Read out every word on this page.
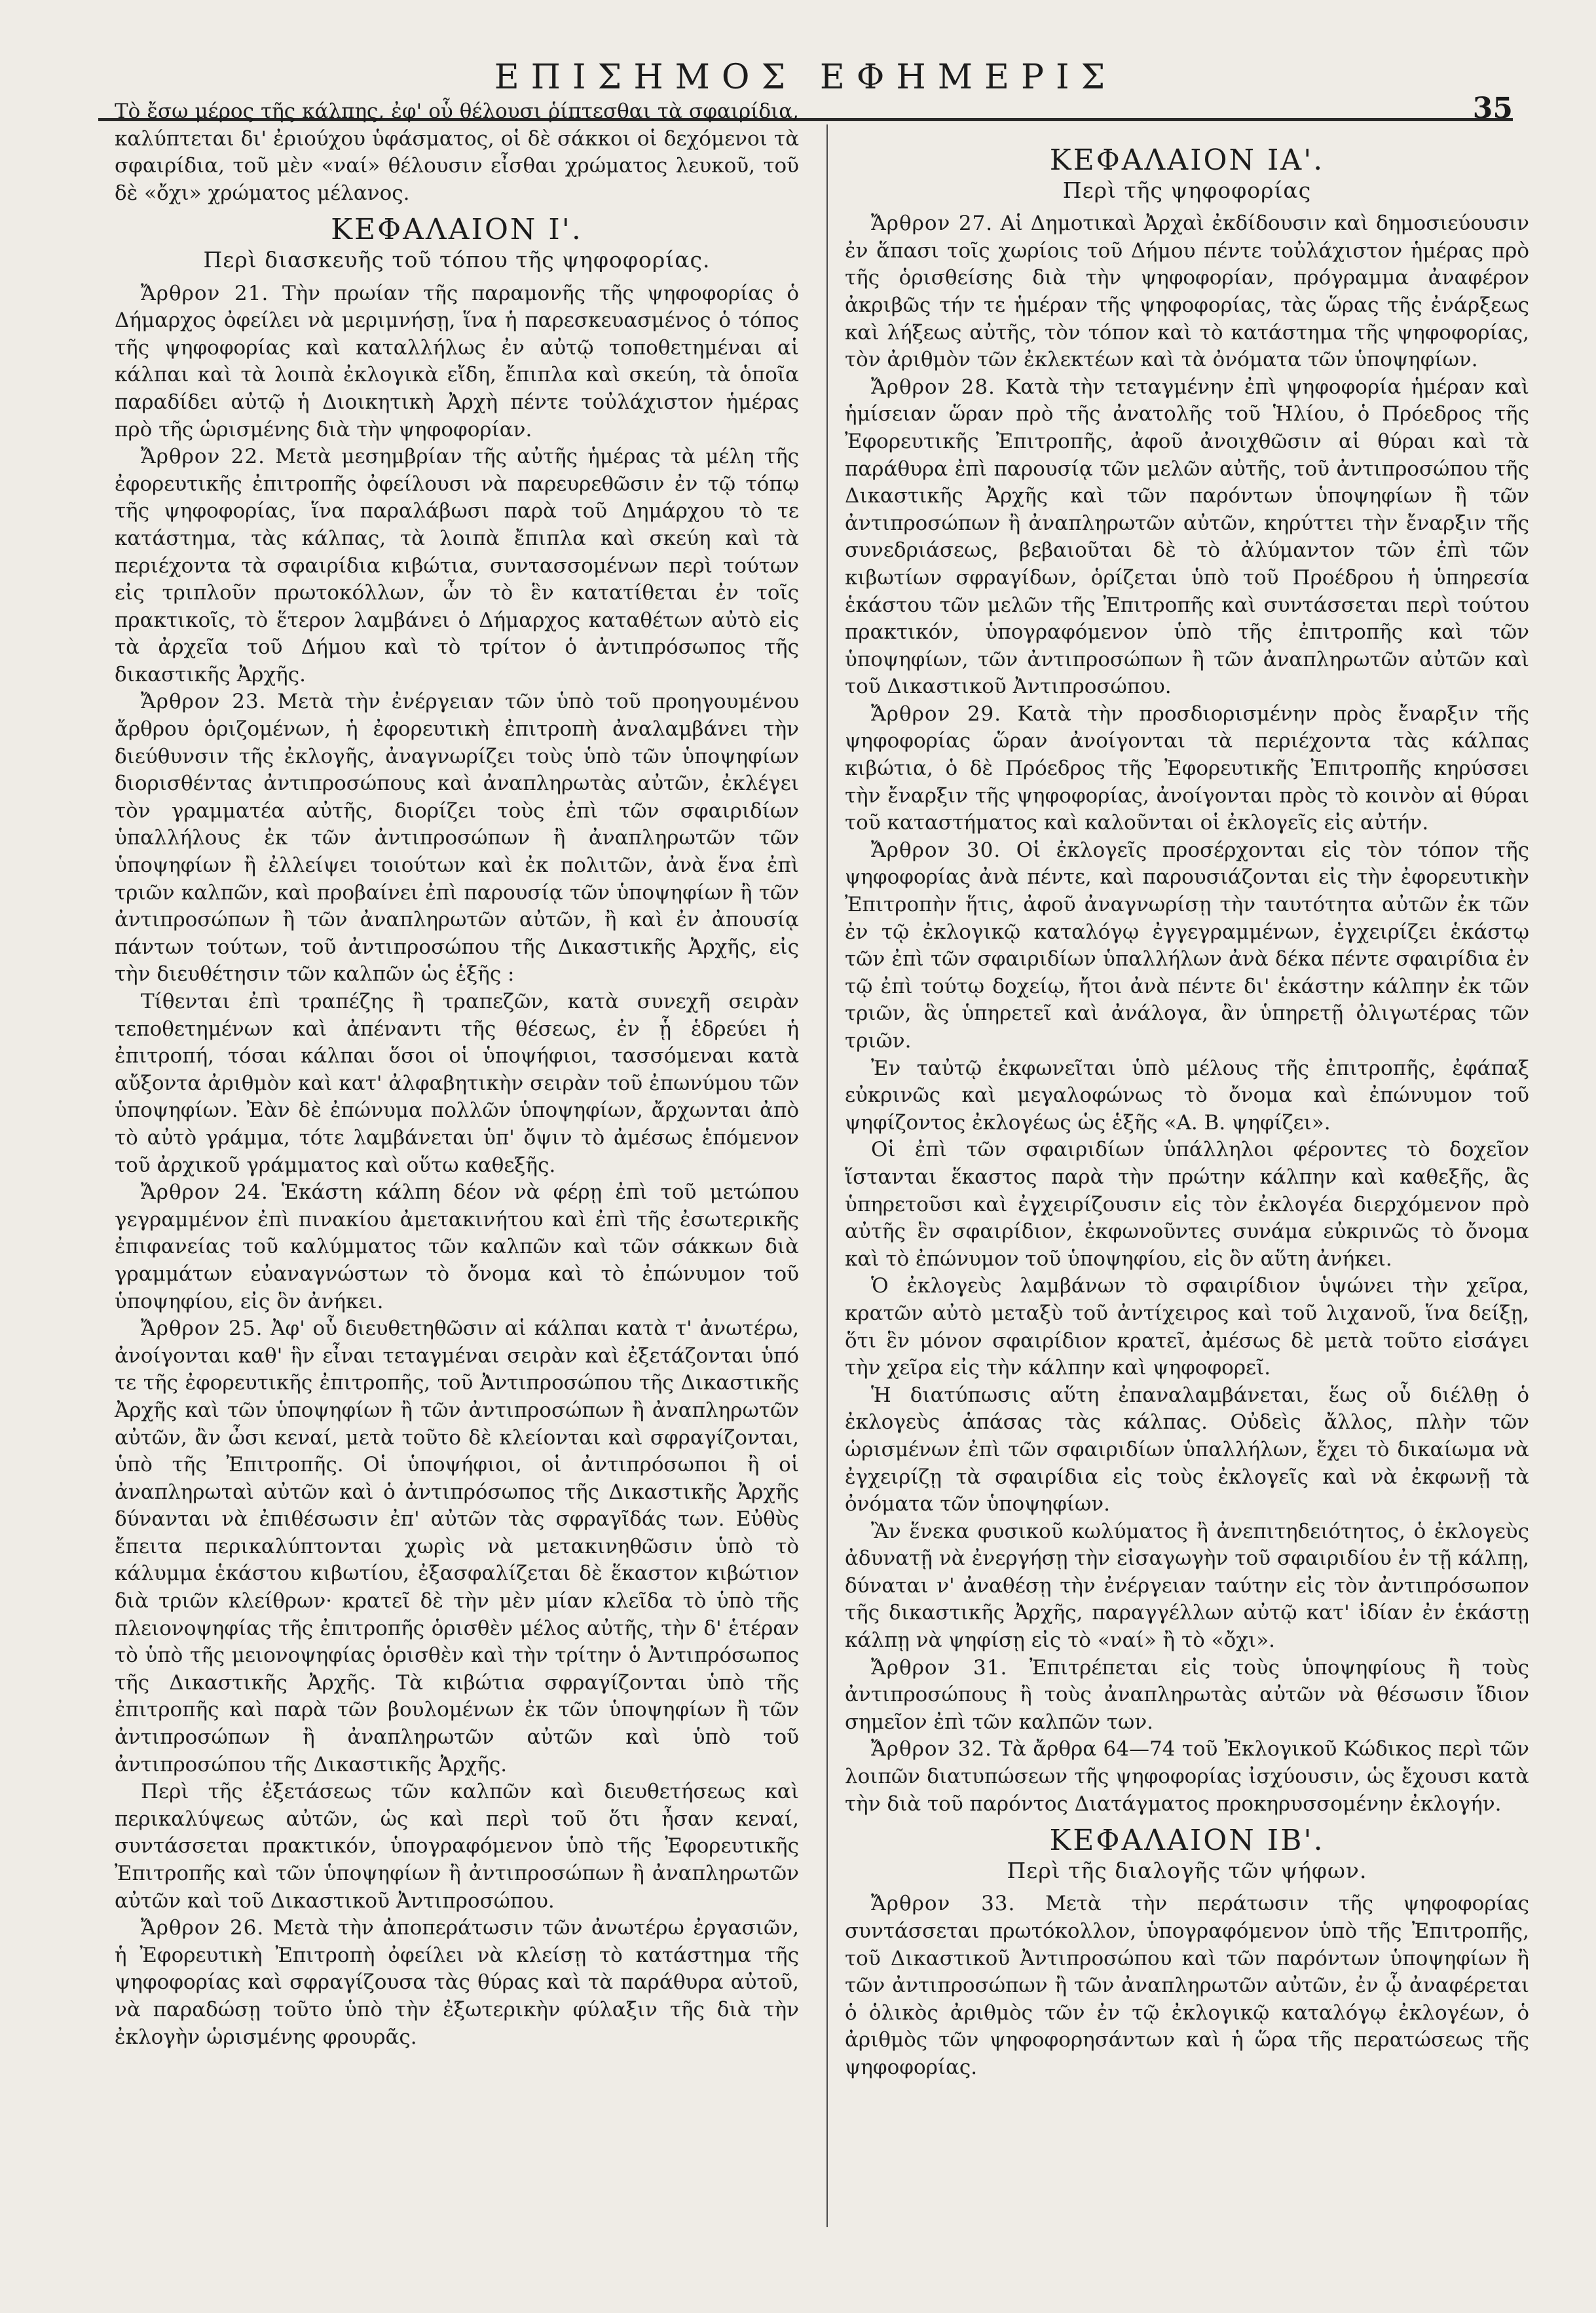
ΕΠΙΣΗΜΟΣ ΕΦΗΜΕΡΙΣ
35

Τὸ ἔσω μέρος τῆς κάλπης, ἐφ' οὗ θέλουσι ῥίπτεσθαι τὰ σφαιρίδια, καλύπτεται δι' ἐριούχου ὑφάσματος, οἱ δὲ σάκκοι οἱ δεχόμενοι τὰ σφαιρίδια, τοῦ μὲν «ναί» θέλουσιν εἶσθαι χρώματος λευκοῦ, τοῦ δὲ «ὄχι» χρώματος μέλανος.

ΚΕΦΑΛΑΙΟΝ Ι'.
Περὶ διασκευῆς τοῦ τόπου τῆς ψηφοφορίας.

Ἄρθρον 21. Τὴν πρωίαν τῆς παραμονῆς τῆς ψηφοφορίας ὁ Δήμαρχος ὀφείλει νὰ μεριμνήσῃ, ἵνα ἡ παρεσκευασμένος ὁ τόπος τῆς ψηφοφορίας καὶ καταλλήλως ἐν αὐτῷ τοποθετημέναι αἱ κάλπαι καὶ τὰ λοιπὰ ἐκλογικὰ εἴδη, ἔπιπλα καὶ σκεύη, τὰ ὁποῖα παραδίδει αὐτῷ ἡ Διοικητικὴ Ἀρχὴ πέντε τοὐλάχιστον ἡμέρας πρὸ τῆς ὡρισμένης διὰ τὴν ψηφοφορίαν.

Ἄρθρον 22. Μετὰ μεσημβρίαν τῆς αὐτῆς ἡμέρας τὰ μέλη τῆς ἐφορευτικῆς ἐπιτροπῆς ὀφείλουσι νὰ παρευρεθῶσιν ἐν τῷ τόπῳ τῆς ψηφοφορίας, ἵνα παραλάβωσι παρὰ τοῦ Δημάρχου τὸ τε κατάστημα, τὰς κάλπας, τὰ λοιπὰ ἔπιπλα καὶ σκεύη καὶ τὰ περιέχοντα τὰ σφαιρίδια κιβώτια, συντασσομένων περὶ τούτων εἰς τριπλοῦν πρωτοκόλλων, ὧν τὸ ἓν κατατίθεται ἐν τοῖς πρακτικοῖς, τὸ ἕτερον λαμβάνει ὁ Δήμαρχος καταθέτων αὐτὸ εἰς τὰ ἀρχεῖα τοῦ Δήμου καὶ τὸ τρίτον ὁ ἀντιπρόσωπος τῆς δικαστικῆς Ἀρχῆς.

Ἄρθρον 23. Μετὰ τὴν ἐνέργειαν τῶν ὑπὸ τοῦ προηγουμένου ἄρθρου ὁριζομένων, ἡ ἐφορευτικὴ ἐπιτροπὴ ἀναλαμβάνει τὴν διεύθυνσιν τῆς ἐκλογῆς, ἀναγνωρίζει τοὺς ὑπὸ τῶν ὑποψηφίων διορισθέντας ἀντιπροσώπους καὶ ἀναπληρωτὰς αὐτῶν, ἐκλέγει τὸν γραμματέα αὐτῆς, διορίζει τοὺς ἐπὶ τῶν σφαιριδίων ὑπαλλήλους ἐκ τῶν ἀντιπροσώπων ἢ ἀναπληρωτῶν τῶν ὑποψηφίων ἢ ἐλλείψει τοιούτων καὶ ἐκ πολιτῶν, ἀνὰ ἕνα ἐπὶ τριῶν καλπῶν, καὶ προβαίνει ἐπὶ παρουσίᾳ τῶν ὑποψηφίων ἢ τῶν ἀντιπροσώπων ἢ τῶν ἀναπληρωτῶν αὐτῶν, ἢ καὶ ἐν ἀπουσίᾳ πάντων τούτων, τοῦ ἀντιπροσώπου τῆς Δικαστικῆς Ἀρχῆς, εἰς τὴν διευθέτησιν τῶν καλπῶν ὡς ἑξῆς :

Τίθενται ἐπὶ τραπέζης ἢ τραπεζῶν, κατὰ συνεχῆ σειρὰν τεποθετημένων καὶ ἀπέναντι τῆς θέσεως, ἐν ᾗ ἑδρεύει ἡ ἐπιτροπή, τόσαι κάλπαι ὅσοι οἱ ὑποψήφιοι, τασσόμεναι κατὰ αὔξοντα ἀριθμὸν καὶ κατ' ἀλφαβητικὴν σειρὰν τοῦ ἐπωνύμου τῶν ὑποψηφίων. Ἐὰν δὲ ἐπώνυμα πολλῶν ὑποψηφίων, ἄρχωνται ἀπὸ τὸ αὐτὸ γράμμα, τότε λαμβάνεται ὑπ' ὄψιν τὸ ἀμέσως ἑπόμενον τοῦ ἀρχικοῦ γράμματος καὶ οὕτω καθεξῆς.

Ἄρθρον 24. Ἑκάστη κάλπη δέον νὰ φέρῃ ἐπὶ τοῦ μετώπου γεγραμμένον ἐπὶ πινακίου ἀμετακινήτου καὶ ἐπὶ τῆς ἐσωτερικῆς ἐπιφανείας τοῦ καλύμματος τῶν καλπῶν καὶ τῶν σάκκων διὰ γραμμάτων εὐαναγνώστων τὸ ὄνομα καὶ τὸ ἐπώνυμον τοῦ ὑποψηφίου, εἰς ὃν ἀνήκει.

Ἄρθρον 25. Ἀφ' οὗ διευθετηθῶσιν αἱ κάλπαι κατὰ τ' ἀνωτέρω, ἀνοίγονται καθ' ἣν εἶναι τεταγμέναι σειρὰν καὶ ἐξετάζονται ὑπό τε τῆς ἐφορευτικῆς ἐπιτροπῆς, τοῦ Ἀντιπροσώπου τῆς Δικαστικῆς Ἀρχῆς καὶ τῶν ὑποψηφίων ἢ τῶν ἀντιπροσώπων ἢ ἀναπληρωτῶν αὐτῶν, ἂν ὦσι κεναί, μετὰ τοῦτο δὲ κλείονται καὶ σφραγίζονται, ὑπὸ τῆς Ἐπιτροπῆς. Οἱ ὑποψήφιοι, οἱ ἀντιπρόσωποι ἢ οἱ ἀναπληρωταὶ αὐτῶν καὶ ὁ ἀντιπρόσωπος τῆς Δικαστικῆς Ἀρχῆς δύνανται νὰ ἐπιθέσωσιν ἐπ' αὐτῶν τὰς σφραγῖδάς των. Εὐθὺς ἔπειτα περικαλύπτονται χωρὶς νὰ μετακινηθῶσιν ὑπὸ τὸ κάλυμμα ἑκάστου κιβωτίου, ἐξασφαλίζεται δὲ ἕκαστον κιβώτιον διὰ τριῶν κλείθρων· κρατεῖ δὲ τὴν μὲν μίαν κλεῖδα τὸ ὑπὸ τῆς πλειονοψηφίας τῆς ἐπιτροπῆς ὁρισθὲν μέλος αὐτῆς, τὴν δ' ἑτέραν τὸ ὑπὸ τῆς μειονοψηφίας ὁρισθὲν καὶ τὴν τρίτην ὁ Ἀντιπρόσωπος τῆς Δικαστικῆς Ἀρχῆς. Τὰ κιβώτια σφραγίζονται ὑπὸ τῆς ἐπιτροπῆς καὶ παρὰ τῶν βουλομένων ἐκ τῶν ὑποψηφίων ἢ τῶν ἀντιπροσώπων ἢ ἀναπληρωτῶν αὐτῶν καὶ ὑπὸ τοῦ ἀντιπροσώπου τῆς Δικαστικῆς Ἀρχῆς.

Περὶ τῆς ἐξετάσεως τῶν καλπῶν καὶ διευθετήσεως καὶ περικαλύψεως αὐτῶν, ὡς καὶ περὶ τοῦ ὅτι ἦσαν κεναί, συντάσσεται πρακτικόν, ὑπογραφόμενον ὑπὸ τῆς Ἐφορευτικῆς Ἐπιτροπῆς καὶ τῶν ὑποψηφίων ἢ ἀντιπροσώπων ἢ ἀναπληρωτῶν αὐτῶν καὶ τοῦ Δικαστικοῦ Ἀντιπροσώπου.

Ἄρθρον 26. Μετὰ τὴν ἀποπεράτωσιν τῶν ἀνωτέρω ἐργασιῶν, ἡ Ἐφορευτικὴ Ἐπιτροπὴ ὀφείλει νὰ κλείσῃ τὸ κατάστημα τῆς ψηφοφορίας καὶ σφραγίζουσα τὰς θύρας καὶ τὰ παράθυρα αὐτοῦ, νὰ παραδώσῃ τοῦτο ὑπὸ τὴν ἐξωτερικὴν φύλαξιν τῆς διὰ τὴν ἐκλογὴν ὡρισμένης φρουρᾶς.

ΚΕΦΑΛΑΙΟΝ ΙΑ'.
Περὶ τῆς ψηφοφορίας

Ἄρθρον 27. Αἱ Δημοτικαὶ Ἀρχαὶ ἐκδίδουσιν καὶ δημοσιεύουσιν ἐν ἅπασι τοῖς χωρίοις τοῦ Δήμου πέντε τοὐλάχιστον ἡμέρας πρὸ τῆς ὁρισθείσης διὰ τὴν ψηφοφορίαν, πρόγραμμα ἀναφέρον ἀκριβῶς τήν τε ἡμέραν τῆς ψηφοφορίας, τὰς ὥρας τῆς ἐνάρξεως καὶ λήξεως αὐτῆς, τὸν τόπον καὶ τὸ κατάστημα τῆς ψηφοφορίας, τὸν ἀριθμὸν τῶν ἐκλεκτέων καὶ τὰ ὀνόματα τῶν ὑποψηφίων.

Ἄρθρον 28. Κατὰ τὴν τεταγμένην ἐπὶ ψηφοφορία ἡμέραν καὶ ἡμίσειαν ὥραν πρὸ τῆς ἀνατολῆς τοῦ Ἡλίου, ὁ Πρόεδρος τῆς Ἐφορευτικῆς Ἐπιτροπῆς, ἀφοῦ ἀνοιχθῶσιν αἱ θύραι καὶ τὰ παράθυρα ἐπὶ παρουσίᾳ τῶν μελῶν αὐτῆς, τοῦ ἀντιπροσώπου τῆς Δικαστικῆς Ἀρχῆς καὶ τῶν παρόντων ὑποψηφίων ἢ τῶν ἀντιπροσώπων ἢ ἀναπληρωτῶν αὐτῶν, κηρύττει τὴν ἔναρξιν τῆς συνεδριάσεως, βεβαιοῦται δὲ τὸ ἀλύμαντον τῶν ἐπὶ τῶν κιβωτίων σφραγίδων, ὁρίζεται ὑπὸ τοῦ Προέδρου ἡ ὑπηρεσία ἑκάστου τῶν μελῶν τῆς Ἐπιτροπῆς καὶ συντάσσεται περὶ τούτου πρακτικόν, ὑπογραφόμενον ὑπὸ τῆς ἐπιτροπῆς καὶ τῶν ὑποψηφίων, τῶν ἀντιπροσώπων ἢ τῶν ἀναπληρωτῶν αὐτῶν καὶ τοῦ Δικαστικοῦ Ἀντιπροσώπου.

Ἄρθρον 29. Κατὰ τὴν προσδιορισμένην πρὸς ἔναρξιν τῆς ψηφοφορίας ὥραν ἀνοίγονται τὰ περιέχοντα τὰς κάλπας κιβώτια, ὁ δὲ Πρόεδρος τῆς Ἐφορευτικῆς Ἐπιτροπῆς κηρύσσει τὴν ἔναρξιν τῆς ψηφοφορίας, ἀνοίγονται πρὸς τὸ κοινὸν αἱ θύραι τοῦ καταστήματος καὶ καλοῦνται οἱ ἐκλογεῖς εἰς αὐτήν.

Ἄρθρον 30. Οἱ ἐκλογεῖς προσέρχονται εἰς τὸν τόπον τῆς ψηφοφορίας ἀνὰ πέντε, καὶ παρουσιάζονται εἰς τὴν ἐφορευτικὴν Ἐπιτροπὴν ἥτις, ἀφοῦ ἀναγνωρίσῃ τὴν ταυτότητα αὐτῶν ἐκ τῶν ἐν τῷ ἐκλογικῷ καταλόγῳ ἐγγεγραμμένων, ἐγχειρίζει ἑκάστῳ τῶν ἐπὶ τῶν σφαιριδίων ὑπαλλήλων ἀνὰ δέκα πέντε σφαιρίδια ἐν τῷ ἐπὶ τούτῳ δοχείῳ, ἤτοι ἀνὰ πέντε δι' ἑκάστην κάλπην ἐκ τῶν τριῶν, ἃς ὑπηρετεῖ καὶ ἀνάλογα, ἂν ὑπηρετῇ ὀλιγωτέρας τῶν τριῶν.

Ἐν ταὐτῷ ἐκφωνεῖται ὑπὸ μέλους τῆς ἐπιτροπῆς, ἐφάπαξ εὐκρινῶς καὶ μεγαλοφώνως τὸ ὄνομα καὶ ἐπώνυμον τοῦ ψηφίζοντος ἐκλογέως ὡς ἑξῆς «Α. Β. ψηφίζει».

Οἱ ἐπὶ τῶν σφαιριδίων ὑπάλληλοι φέροντες τὸ δοχεῖον ἵστανται ἕκαστος παρὰ τὴν πρώτην κάλπην καὶ καθεξῆς, ἃς ὑπηρετοῦσι καὶ ἐγχειρίζουσιν εἰς τὸν ἐκλογέα διερχόμενον πρὸ αὐτῆς ἓν σφαιρίδιον, ἐκφωνοῦντες συνάμα εὐκρινῶς τὸ ὄνομα καὶ τὸ ἐπώνυμον τοῦ ὑποψηφίου, εἰς ὃν αὕτη ἀνήκει.

Ὁ ἐκλογεὺς λαμβάνων τὸ σφαιρίδιον ὑψώνει τὴν χεῖρα, κρατῶν αὐτὸ μεταξὺ τοῦ ἀντίχειρος καὶ τοῦ λιχανοῦ, ἵνα δείξῃ, ὅτι ἓν μόνον σφαιρίδιον κρατεῖ, ἀμέσως δὲ μετὰ τοῦτο εἰσάγει τὴν χεῖρα εἰς τὴν κάλπην καὶ ψηφοφορεῖ.

Ἡ διατύπωσις αὕτη ἐπαναλαμβάνεται, ἕως οὗ διέλθῃ ὁ ἐκλογεὺς ἁπάσας τὰς κάλπας. Οὐδεὶς ἄλλος, πλὴν τῶν ὡρισμένων ἐπὶ τῶν σφαιριδίων ὑπαλλήλων, ἔχει τὸ δικαίωμα νὰ ἐγχειρίζῃ τὰ σφαιρίδια εἰς τοὺς ἐκλογεῖς καὶ νὰ ἐκφωνῇ τὰ ὀνόματα τῶν ὑποψηφίων.

Ἂν ἕνεκα φυσικοῦ κωλύματος ἢ ἀνεπιτηδειότητος, ὁ ἐκλογεὺς ἀδυνατῇ νὰ ἐνεργήσῃ τὴν εἰσαγωγὴν τοῦ σφαιριδίου ἐν τῇ κάλπῃ, δύναται ν' ἀναθέσῃ τὴν ἐνέργειαν ταύτην εἰς τὸν ἀντιπρόσωπον τῆς δικαστικῆς Ἀρχῆς, παραγγέλλων αὐτῷ κατ' ἰδίαν ἐν ἑκάστῃ κάλπῃ νὰ ψηφίσῃ εἰς τὸ «ναί» ἢ τὸ «ὄχι».

Ἄρθρον 31. Ἐπιτρέπεται εἰς τοὺς ὑποψηφίους ἢ τοὺς ἀντιπροσώπους ἢ τοὺς ἀναπληρωτὰς αὐτῶν νὰ θέσωσιν ἴδιον σημεῖον ἐπὶ τῶν καλπῶν των.

Ἄρθρον 32. Τὰ ἄρθρα 64—74 τοῦ Ἐκλογικοῦ Κώδικος περὶ τῶν λοιπῶν διατυπώσεων τῆς ψηφοφορίας ἰσχύουσιν, ὡς ἔχουσι κατὰ τὴν διὰ τοῦ παρόντος Διατάγματος προκηρυσσομένην ἐκλογήν.

ΚΕΦΑΛΑΙΟΝ ΙΒ'.
Περὶ τῆς διαλογῆς τῶν ψήφων.

Ἄρθρον 33. Μετὰ τὴν περάτωσιν τῆς ψηφοφορίας συντάσσεται πρωτόκολλον, ὑπογραφόμενον ὑπὸ τῆς Ἐπιτροπῆς, τοῦ Δικαστικοῦ Ἀντιπροσώπου καὶ τῶν παρόντων ὑποψηφίων ἢ τῶν ἀντιπροσώπων ἢ τῶν ἀναπληρωτῶν αὐτῶν, ἐν ᾧ ἀναφέρεται ὁ ὁλικὸς ἀριθμὸς τῶν ἐν τῷ ἐκλογικῷ καταλόγῳ ἐκλογέων, ὁ ἀριθμὸς τῶν ψηφοφορησάντων καὶ ἡ ὥρα τῆς περατώσεως τῆς ψηφοφορίας.
